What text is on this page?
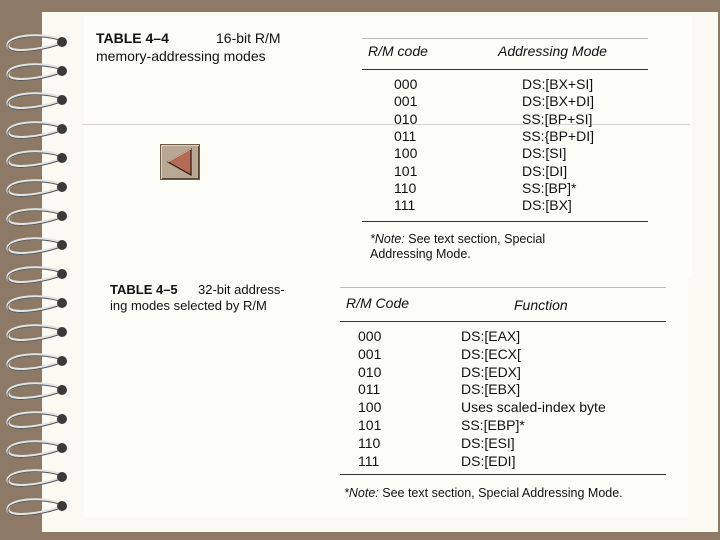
TABLE 4–4	16-bit R/M
memory-addressing modes	R/M code	Addressing Mode
000	DS:[BX+SI]
001	DS:[BX+DI]
010	SS:[BP+SI]
011	SS:{BP+DI]
100	DS:[SI]
101	DS:[DI]
110	SS:[BP]*
111	DS:[BX]
*Note: See text section, Special
Addressing Mode.
TABLE 4–5 32-bit address-
ing modes selected by R/M	R/M Code	Function
000	DS:[EAX]
001	DS:[ECX[
010	DS:[EDX]
011	DS:[EBX]
100	Uses scaled-index byte
101	SS:[EBP]*
110	DS:[ESI]
111	DS:[EDI]
*Note: See text section, Special Addressing Mode.
